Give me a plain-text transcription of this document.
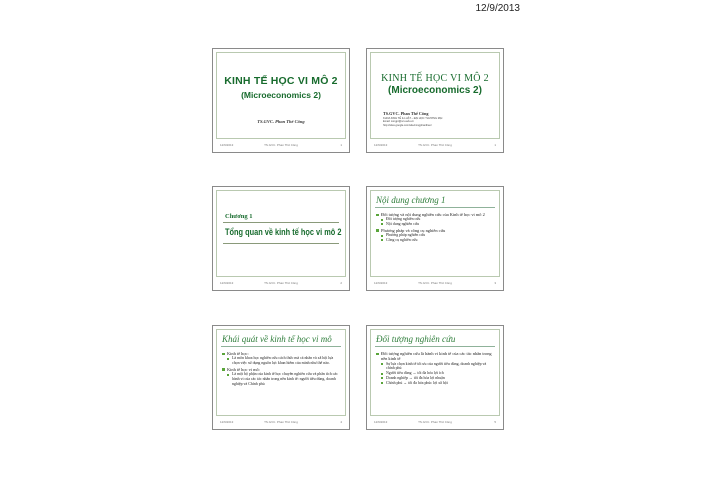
12/9/2013
KINH TẾ HỌC VI MÔ 2
(Microeconomics 2)
TS.GVC. Phan Thế Công
12/9/2013	TS.GVC. Phan Thế Công	1
KINH TẾ HỌC VI MÔ 2
(Microeconomics 2)
TS.GVC. Phan Thế Công
KHOA KINH TẾ & LUẬT – ĐẠI HỌC THƯƠNG MẠI
Email: congpt@vcu.edu.vn
http://sites.google.com/site/congphantheo/
12/9/2013	TS.GVC. Phan Thế Công	1
Chương 1
Tổng quan về kinh tế học vi mô 2
12/9/2013	TS.GVC. Phan Thế Công	2
Nội dung chương 1
Đối tượng và nội dung nghiên cứu của Kinh tế học vi mô 2
Đối tượng nghiên cứu
Nội dung nghiên cứu
Phương pháp và công cụ nghiên cứu
Phương pháp nghiên cứu
Công cụ nghiên cứu
12/9/2013	TS.GVC. Phan Thế Công	3
Khái quát về kinh tế học vi mô
Kinh tế học:
Là môn khoa học nghiên cứu cách thức mà cá nhân và xã hội lựa chọn việc sử dụng nguồn lực khan hiếm của mình như thế nào.
Kinh tế học vi mô:
Là một bộ phận của kinh tế học chuyên nghiên cứu và phân tích các hành vi của các tác nhân trong nền kinh tế: người tiêu dùng, doanh nghiệp và Chính phủ
12/9/2013	TS.GVC. Phan Thế Công	4
Đối tượng nghiên cứu
Đối tượng nghiên cứu là hành vi kinh tế của các tác nhân trong nền kinh tế
Sự lựa chọn kinh tế tối ưu của người tiêu dùng, doanh nghiệp và chính phủ
Người tiêu dùng → tối đa hóa lợi ích
Doanh nghiệp → tối đa hóa lợi nhuận
Chính phủ → tối đa hóa phúc lợi xã hội
12/9/2013	TS.GVC. Phan Thế Công	5
